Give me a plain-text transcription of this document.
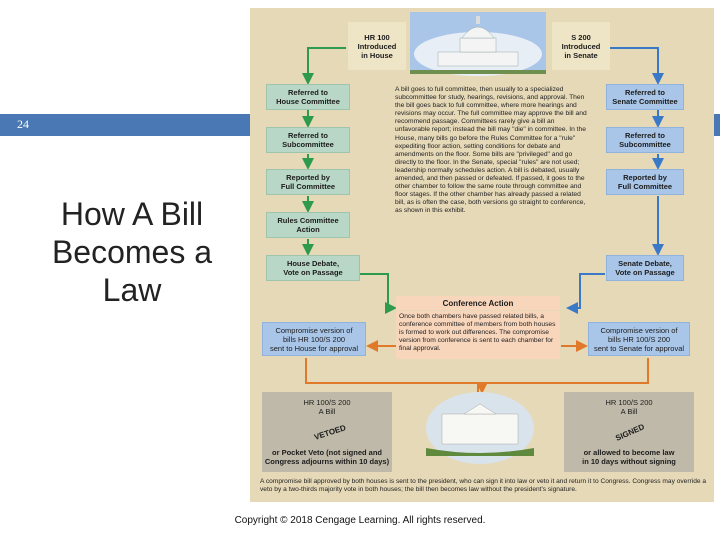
24
How A Bill
Becomes a
Law
HR 100
Introduced
in House
S 200
Introduced
in Senate
Referred to
House Committee
Referred to
Subcommittee
Reported by
Full Committee
Rules Committee
Action
House Debate,
Vote on Passage
Referred to
Senate Committee
Referred to
Subcommittee
Reported by
Full Committee
Senate Debate,
Vote on Passage
A bill goes to full committee, then usually to a specialized subcommittee for study, hearings, revisions, and approval. Then the bill goes back to full committee, where more hearings and revisions may occur. The full committee may approve the bill and recommend passage. Committees rarely give a bill an unfavorable report; instead the bill may "die" in committee. In the House, many bills go before the Rules Committee for a "rule" expediting floor action, setting conditions for debate and amendments on the floor. Some bills are "privileged" and go directly to the floor. In the Senate, special "rules" are not used; leadership normally schedules action. A bill is debated, usually amended, and then passed or defeated. If passed, it goes to the other chamber to follow the same route through committee and floor stages. If the other chamber has already passed a related bill, as is often the case, both versions go straight to conference, as shown in this exhibit.
Conference Action
Once both chambers have passed related bills, a conference committee of members from both houses is formed to work out differences. The compromise version from conference is sent to each chamber for final approval.
Compromise version of
bills HR 100/S 200
sent to House for approval
Compromise version of
bills HR 100/S 200
sent to Senate for approval
HR 100/S 200
A Bill
VETOED
or Pocket Veto (not signed and
Congress adjourns within 10 days)
HR 100/S 200
A Bill
SIGNED
or allowed to become law
in 10 days without signing
A compromise bill approved by both houses is sent to the president, who can sign it into law or veto it and return it to Congress. Congress may override a veto by a two-thirds majority vote in both houses; the bill then becomes law without the president's signature.
Copyright © 2018 Cengage Learning. All rights reserved.
